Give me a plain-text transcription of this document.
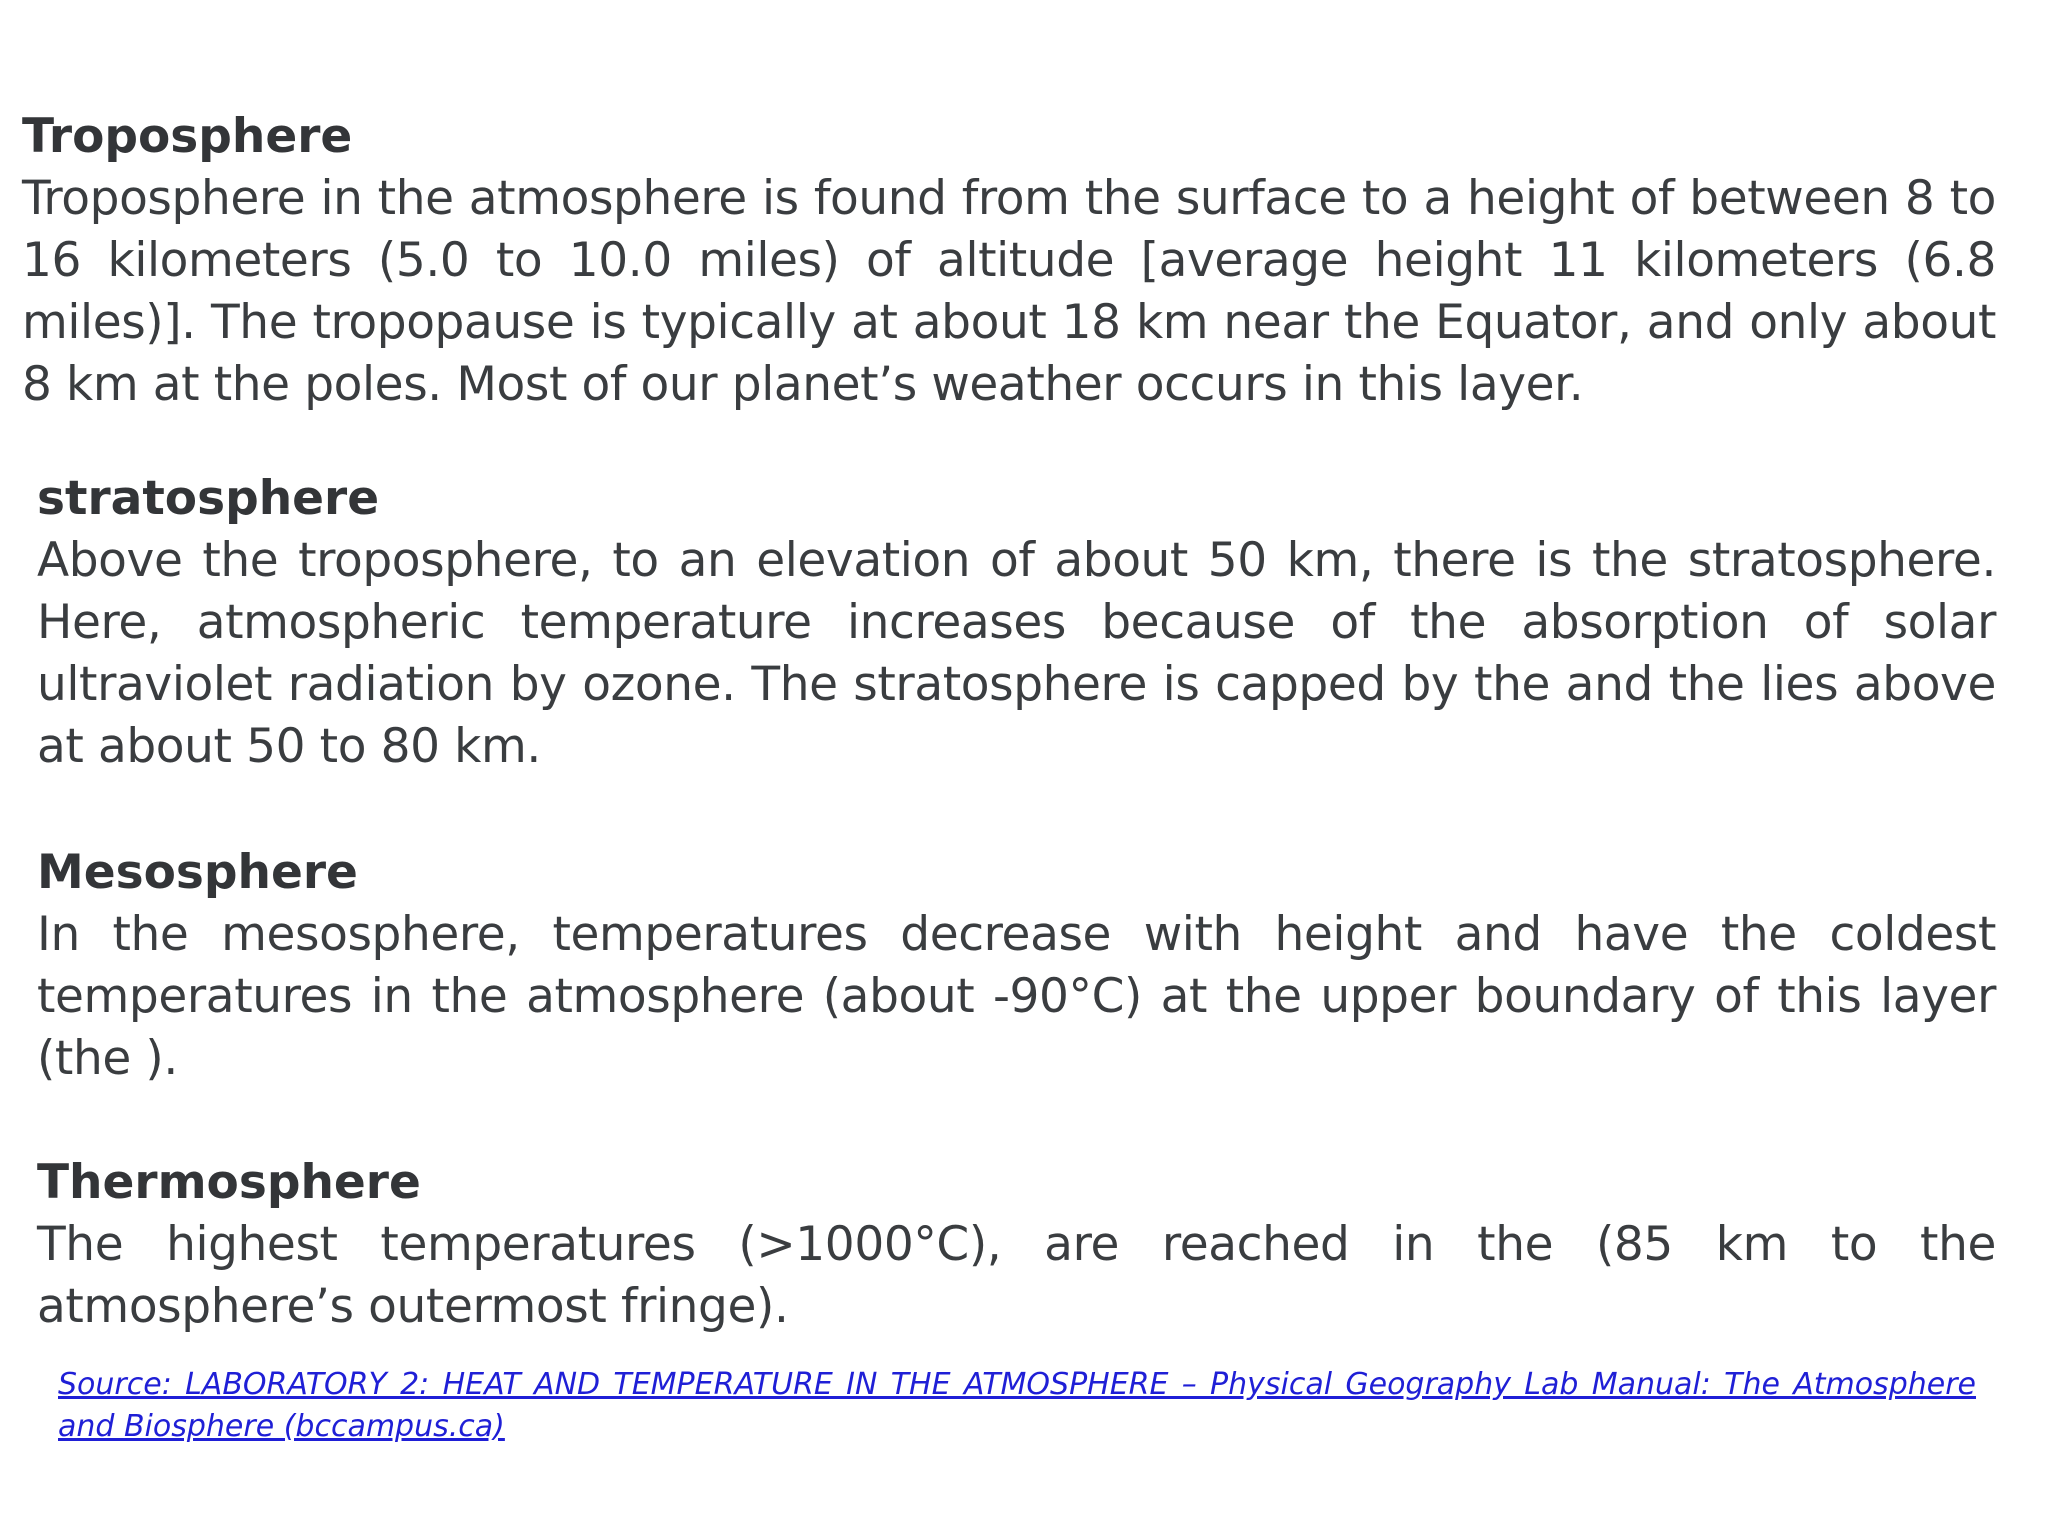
Troposphere

Troposphere in the atmosphere is found from the surface to a height of between 8 to 16 kilometers (5.0 to 10.0 miles) of altitude [average height 11 kilometers (6.8 miles)]. The tropopause is typically at about 18 km near the Equator, and only about 8 km at the poles. Most of our planet’s weather occurs in this layer.

stratosphere

Above the troposphere, to an elevation of about 50 km, there is the stratosphere. Here, atmospheric temperature increases because of the absorption of solar ultraviolet radiation by ozone. The stratosphere is capped by the and the lies above at about 50 to 80 km.

Mesosphere

In the mesosphere, temperatures decrease with height and have the coldest temperatures in the atmosphere (about -90°C) at the upper boundary of this layer (the ).

Thermosphere

The highest temperatures (>1000°C), are reached in the (85 km to the atmosphere’s outermost fringe).

Source: LABORATORY 2: HEAT AND TEMPERATURE IN THE ATMOSPHERE – Physical Geography Lab Manual: The Atmosphere and Biosphere (bccampus.ca)
